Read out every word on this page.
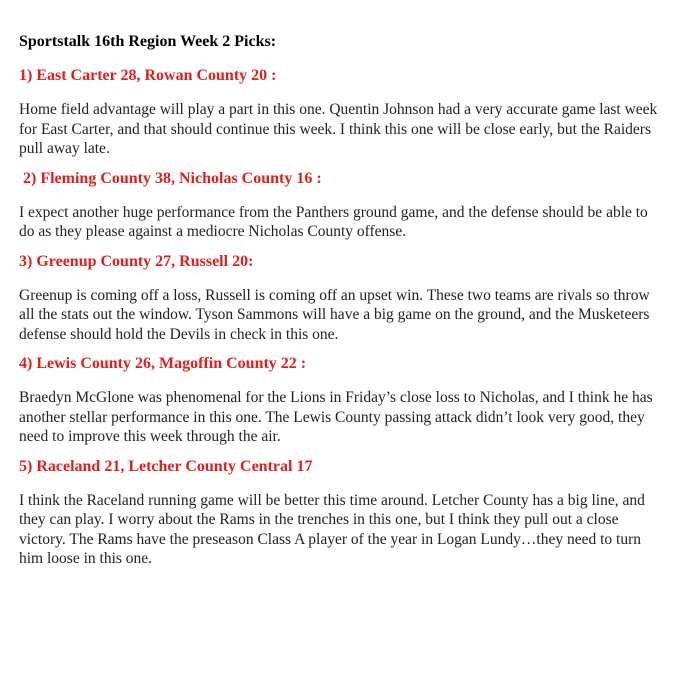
Sportstalk 16th Region Week 2 Picks:
1) East Carter 28, Rowan County 20 :

Home field advantage will play a part in this one. Quentin Johnson had a very accurate game last week for East Carter, and that should continue this week. I think this one will be close early, but the Raiders pull away late.

2) Fleming County 38, Nicholas County 16 :

I expect another huge performance from the Panthers ground game, and the defense should be able to do as they please against a mediocre Nicholas County offense.

3) Greenup County 27, Russell 20:

Greenup is coming off a loss, Russell is coming off an upset win. These two teams are rivals so throw all the stats out the window. Tyson Sammons will have a big game on the ground, and the Musketeers defense should hold the Devils in check in this one.

4) Lewis County 26, Magoffin County 22 :

Braedyn McGlone was phenomenal for the Lions in Friday’s close loss to Nicholas, and I think he has another stellar performance in this one. The Lewis County passing attack didn’t look very good, they need to improve this week through the air.

5) Raceland 21, Letcher County Central 17

I think the Raceland running game will be better this time around. Letcher County has a big line, and they can play. I worry about the Rams in the trenches in this one, but I think they pull out a close victory. The Rams have the preseason Class A player of the year in Logan Lundy…they need to turn him loose in this one.
